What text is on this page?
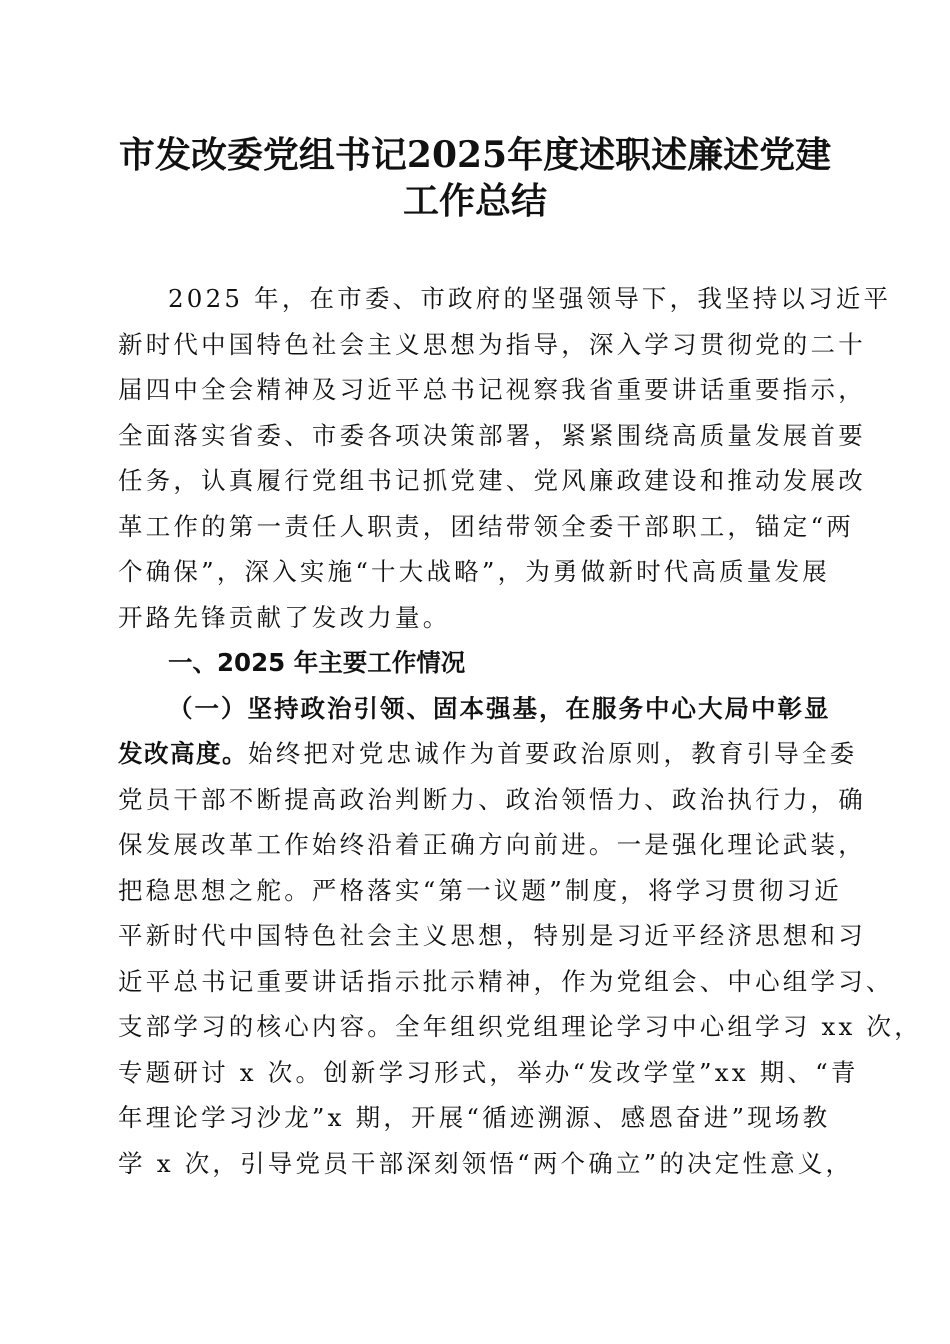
市发改委党组书记2025年度述职述廉述党建
工作总结
2025 年，在市委、市政府的坚强领导下，我坚持以习近平
新时代中国特色社会主义思想为指导，深入学习贯彻党的二十
届四中全会精神及习近平总书记视察我省重要讲话重要指示，
全面落实省委、市委各项决策部署，紧紧围绕高质量发展首要
任务，认真履行党组书记抓党建、党风廉政建设和推动发展改
革工作的第一责任人职责，团结带领全委干部职工，锚定“两
个确保”，深入实施“十大战略”，为勇做新时代高质量发展
开路先锋贡献了发改力量。
一、2025 年主要工作情况
（一）坚持政治引领、固本强基，在服务中心大局中彰显
发改高度。始终把对党忠诚作为首要政治原则，教育引导全委
党员干部不断提高政治判断力、政治领悟力、政治执行力，确
保发展改革工作始终沿着正确方向前进。一是强化理论武装，
把稳思想之舵。严格落实“第一议题”制度，将学习贯彻习近
平新时代中国特色社会主义思想，特别是习近平经济思想和习
近平总书记重要讲话指示批示精神，作为党组会、中心组学习、
支部学习的核心内容。全年组织党组理论学习中心组学习 xx 次，
专题研讨 x 次。创新学习形式，举办“发改学堂”xx 期、“青
年理论学习沙龙”x 期，开展“循迹溯源、感恩奋进”现场教
学 x 次，引导党员干部深刻领悟“两个确立”的决定性意义，
